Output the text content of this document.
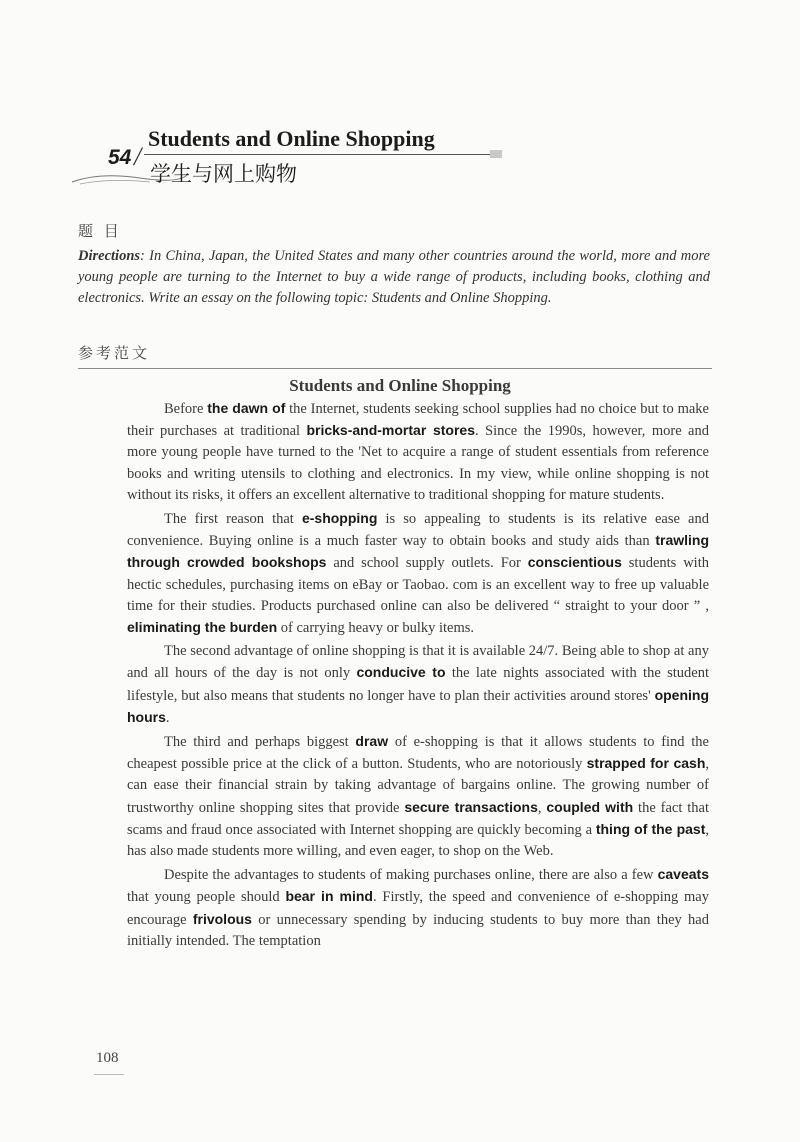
Students and Online Shopping
54 /
学生与网上购物
题 目
Directions: In China, Japan, the United States and many other countries around the world, more and more young people are turning to the Internet to buy a wide range of products, including books, clothing and electronics. Write an essay on the following topic: Students and Online Shopping.
参考范文
Students and Online Shopping

Before the dawn of the Internet, students seeking school supplies had no choice but to make their purchases at traditional bricks-and-mortar stores. Since the 1990s, however, more and more young people have turned to the 'Net to acquire a range of student essentials from reference books and writing utensils to clothing and electronics. In my view, while online shopping is not without its risks, it offers an excellent alternative to traditional shopping for mature students.

The first reason that e-shopping is so appealing to students is its relative ease and convenience. Buying online is a much faster way to obtain books and study aids than trawling through crowded bookshops and school supply outlets. For conscientious students with hectic schedules, purchasing items on eBay or Taobao. com is an excellent way to free up valuable time for their studies. Products purchased online can also be delivered “ straight to your door ” , eliminating the burden of carrying heavy or bulky items.

The second advantage of online shopping is that it is available 24/7. Being able to shop at any and all hours of the day is not only conducive to the late nights associated with the student lifestyle, but also means that students no longer have to plan their activities around stores' opening hours.

The third and perhaps biggest draw of e-shopping is that it allows students to find the cheapest possible price at the click of a button. Students, who are notoriously strapped for cash, can ease their financial strain by taking advantage of bargains online. The growing number of trustworthy online shopping sites that provide secure transactions, coupled with the fact that scams and fraud once associated with Internet shopping are quickly becoming a thing of the past, has also made students more willing, and even eager, to shop on the Web.

Despite the advantages to students of making purchases online, there are also a few caveats that young people should bear in mind. Firstly, the speed and convenience of e-shopping may encourage frivolous or unnecessary spending by inducing students to buy more than they had initially intended. The temptation

108
